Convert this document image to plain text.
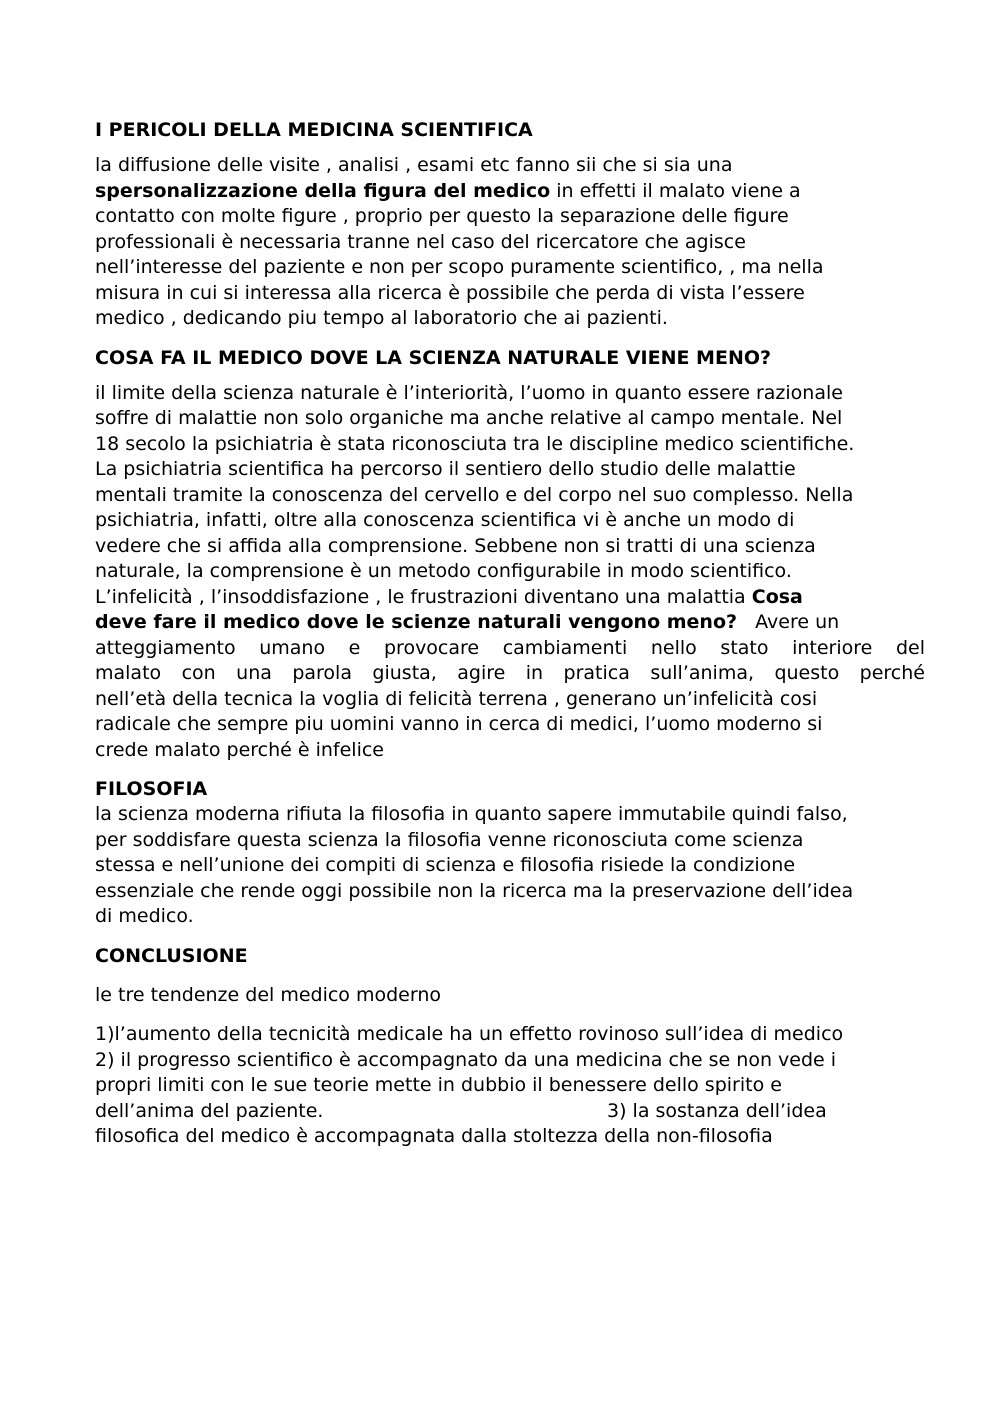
I PERICOLI DELLA MEDICINA SCIENTIFICA
la diffusione delle visite , analisi , esami etc fanno sii che si sia una
spersonalizzazione della figura del medico in effetti il malato viene a
contatto con molte figure , proprio per questo la separazione delle figure
professionali è necessaria tranne nel caso del ricercatore che agisce
nell’interesse del paziente e non per scopo puramente scientifico, , ma nella
misura in cui si interessa alla ricerca è possibile che perda di vista l’essere
medico , dedicando piu tempo al laboratorio che ai pazienti.
COSA FA IL MEDICO DOVE LA SCIENZA NATURALE VIENE MENO?
il limite della scienza naturale è l’interiorità, l’uomo in quanto essere razionale
soffre di malattie non solo organiche ma anche relative al campo mentale. Nel
18 secolo la psichiatria è stata riconosciuta tra le discipline medico scientifiche.
La psichiatria scientifica ha percorso il sentiero dello studio delle malattie
mentali tramite la conoscenza del cervello e del corpo nel suo complesso. Nella
psichiatria, infatti, oltre alla conoscenza scientifica vi è anche un modo di
vedere che si affida alla comprensione. Sebbene non si tratti di una scienza
naturale, la comprensione è un metodo configurabile in modo scientifico.
L’infelicità , l’insoddisfazione , le frustrazioni diventano una malattia Cosa
deve fare il medico dove le scienze naturali vengono meno?   Avere un
atteggiamento umano e provocare cambiamenti nello stato interiore del
malato con una parola giusta, agire in pratica sull’anima, questo perché
nell’età della tecnica la voglia di felicità terrena , generano un’infelicità cosi
radicale che sempre piu uomini vanno in cerca di medici, l’uomo moderno si
crede malato perché è infelice
FILOSOFIA
la scienza moderna rifiuta la filosofia in quanto sapere immutabile quindi falso,
per soddisfare questa scienza la filosofia venne riconosciuta come scienza
stessa e nell’unione dei compiti di scienza e filosofia risiede la condizione
essenziale che rende oggi possibile non la ricerca ma la preservazione dell’idea
di medico.
CONCLUSIONE
le tre tendenze del medico moderno
1)l’aumento della tecnicità medicale ha un effetto rovinoso sull’idea di medico
2) il progresso scientifico è accompagnato da una medicina che se non vede i
propri limiti con le sue teorie mette in dubbio il benessere dello spirito e
dell’anima del paziente.	3) la sostanza dell’idea
filosofica del medico è accompagnata dalla stoltezza della non-filosofia
